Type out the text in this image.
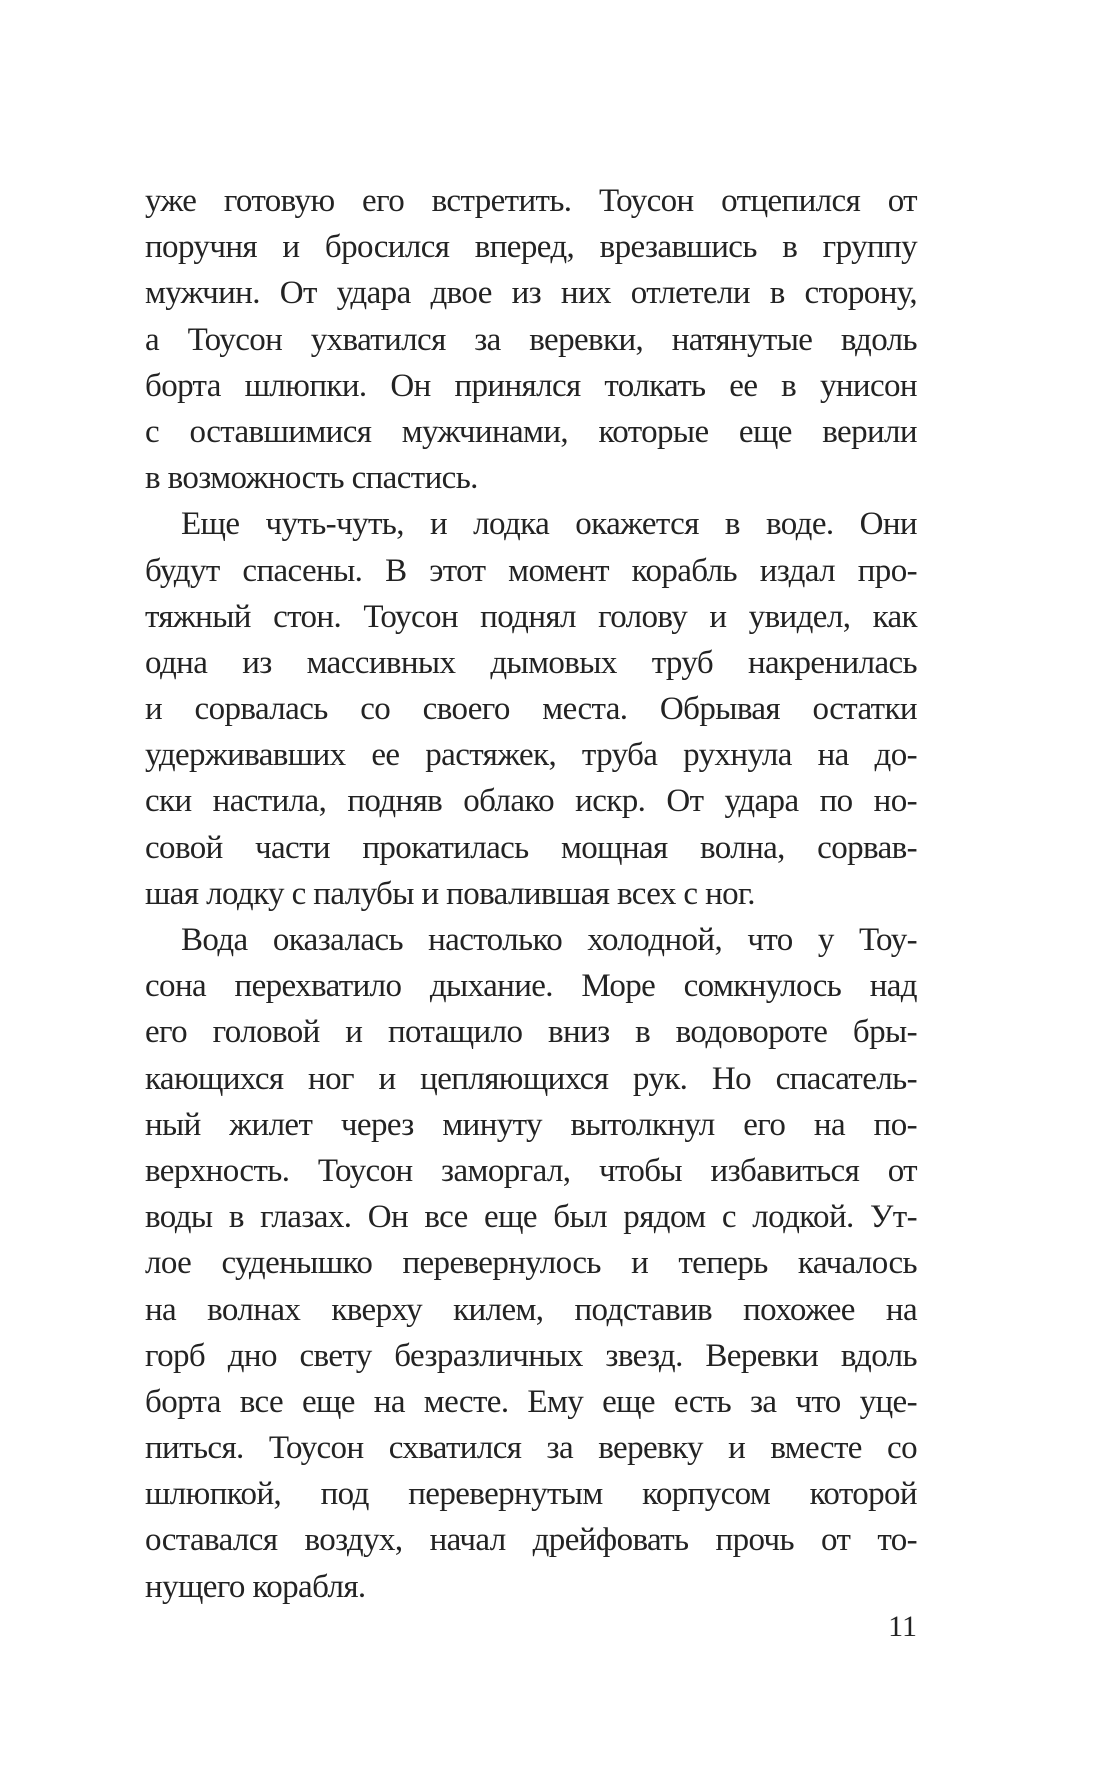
уже готовую его встретить. Тоусон отцепился от
поручня и бросился вперед, врезавшись в группу
мужчин. От удара двое из них отлетели в сторону,
а Тоусон ухватился за веревки, натянутые вдоль
борта шлюпки. Он принялся толкать ее в унисон
с оставшимися мужчинами, которые еще верили
в возможность спастись.
Еще чуть-чуть, и лодка окажется в воде. Они
будут спасены. В этот момент корабль издал про-
тяжный стон. Тоусон поднял голову и увидел, как
одна из массивных дымовых труб накренилась
и сорвалась со своего места. Обрывая остатки
удерживавших ее растяжек, труба рухнула на до-
ски настила, подняв облако искр. От удара по но-
совой части прокатилась мощная волна, сорвав-
шая лодку с палубы и повалившая всех с ног.
Вода оказалась настолько холодной, что у Тоу-
сона перехватило дыхание. Море сомкнулось над
его головой и потащило вниз в водовороте бры-
кающихся ног и цепляющихся рук. Но спасатель-
ный жилет через минуту вытолкнул его на по-
верхность. Тоусон заморгал, чтобы избавиться от
воды в глазах. Он все еще был рядом с лодкой. Ут-
лое суденышко перевернулось и теперь качалось
на волнах кверху килем, подставив похожее на
горб дно свету безразличных звезд. Веревки вдоль
борта все еще на месте. Ему еще есть за что уце-
питься. Тоусон схватился за веревку и вместе со
шлюпкой, под перевернутым корпусом которой
оставался воздух, начал дрейфовать прочь от то-
нущего корабля.
11
